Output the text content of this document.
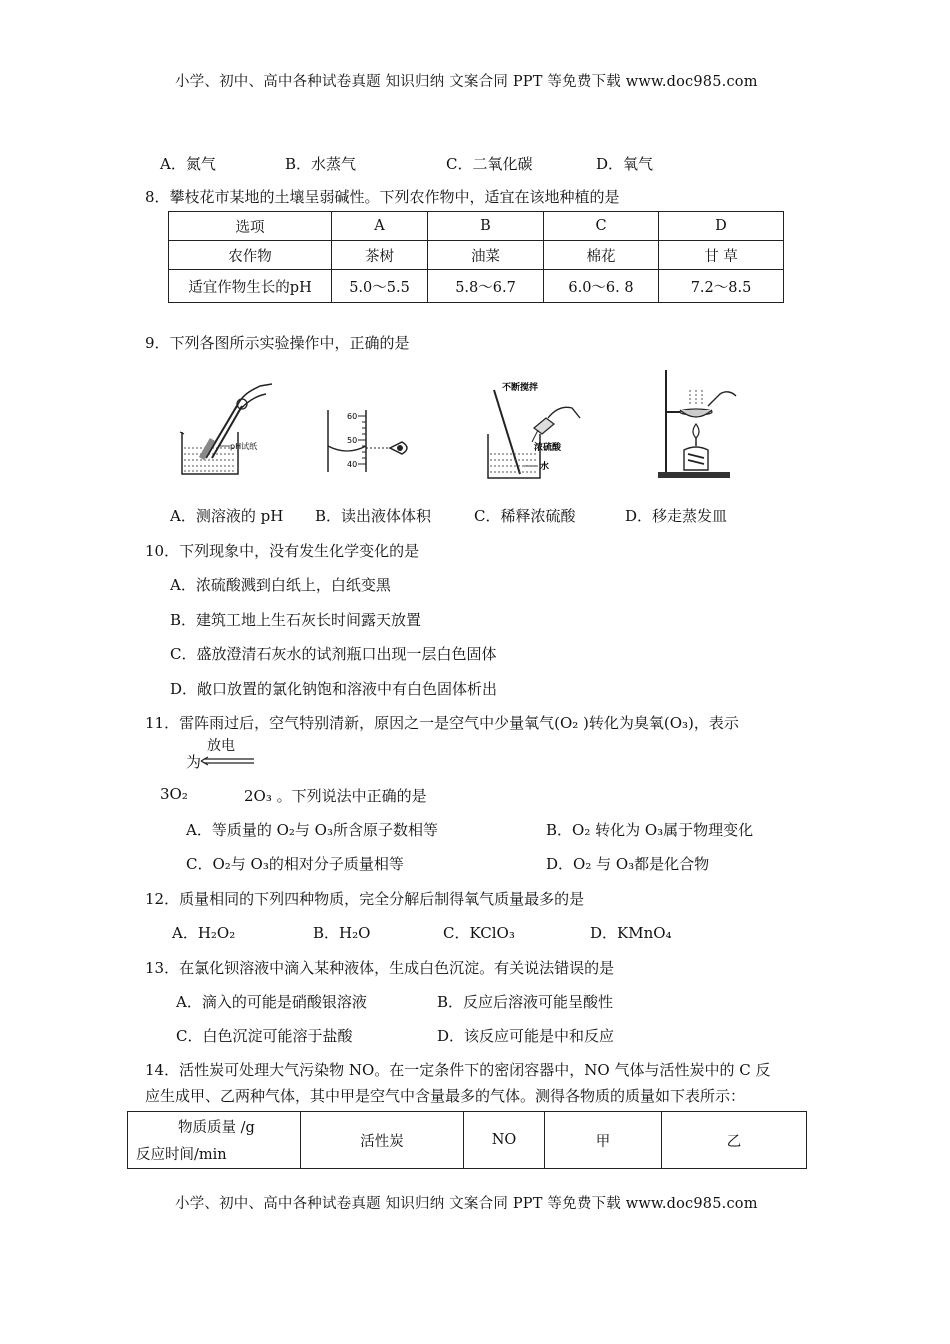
小学、初中、高中各种试卷真题 知识归纳 文案合同 PPT 等免费下载 www.doc985.com
A．氮气	B．水蒸气	C．二氧化碳	D．氧气
8．攀枝花市某地的土壤呈弱碱性。下列农作物中，适宜在该地种植的是
选项	A	B	C	D
农作物	茶树	油菜	棉花	甘 草
适宜作物生长的pH	5.0～5.5	5.8～6.7	6.0～6. 8	7.2～8.5
9．下列各图所示实验操作中，正确的是
pH试纸
60
50
40
不断搅拌
浓硫酸
水
A．测溶液的 pH B．读出液体体积	C．稀释浓硫酸	D．移走蒸发皿
10．下列现象中，没有发生化学变化的是
A．浓硫酸溅到白纸上，白纸变黑
B．建筑工地上生石灰长时间露天放置
C．盛放澄清石灰水的试剂瓶口出现一层白色固体
D．敞口放置的氯化钠饱和溶液中有白色固体析出
11．雷阵雨过后，空气特别清新，原因之一是空气中少量氧气(O₂ )转化为臭氧(O₃)，表示
放电
为
3O₂	2O₃ 。下列说法中正确的是
A．等质量的 O₂与 O₃所含原子数相等	B．O₂ 转化为 O₃属于物理变化
C．O₂与 O₃的相对分子质量相等	D．O₂ 与 O₃都是化合物
12．质量相同的下列四种物质，完全分解后制得氧气质量最多的是
A．H₂O₂	B．H₂O	C．KClO₃	D．KMnO₄
13．在氯化钡溶液中滴入某种液体，生成白色沉淀。有关说法错误的是
A．滴入的可能是硝酸银溶液	B．反应后溶液可能呈酸性
C．白色沉淀可能溶于盐酸	D．该反应可能是中和反应
14．活性炭可处理大气污染物 NO。在一定条件下的密闭容器中，NO 气体与活性炭中的 C 反
应生成甲、乙两种气体，其中甲是空气中含量最多的气体。测得各物质的质量如下表所示：
物质质量 /g
反应时间/min
	活性炭	NO	甲	乙
小学、初中、高中各种试卷真题 知识归纳 文案合同 PPT 等免费下载 www.doc985.com
